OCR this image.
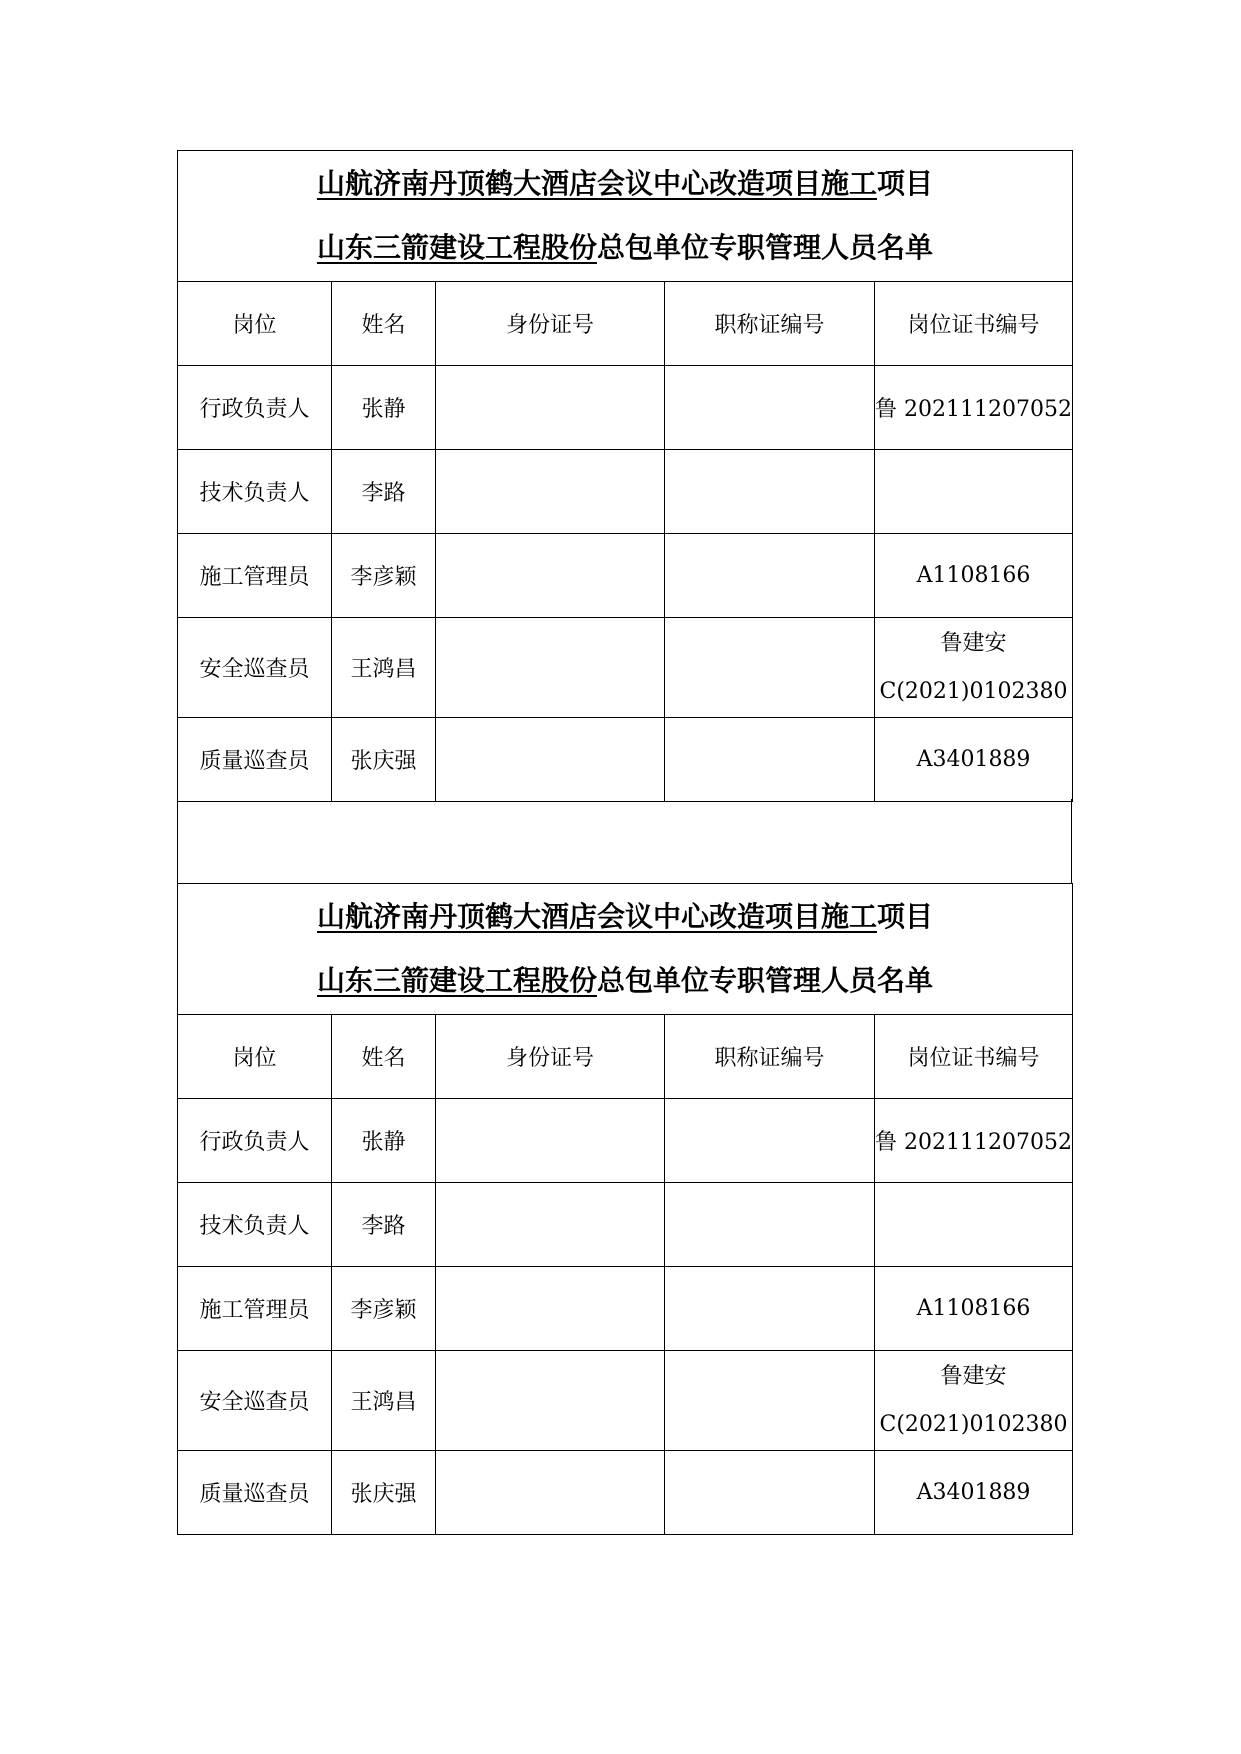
山航济南丹顶鹤大酒店会议中心改造项目施工项目
山东三箭建设工程股份总包单位专职管理人员名单				

岗位	姓名	身份证号	职称证编号	岗位证书编号
行政负责人	张静			鲁 202111207052
技术负责人	李路			
施工管理员	李彦颖			A1108166
安全巡查员	王鸿昌			鲁建安
C(2021)0102380

质量巡查员	张庆强			A3401889
山航济南丹顶鹤大酒店会议中心改造项目施工项目
山东三箭建设工程股份总包单位专职管理人员名单				

岗位	姓名	身份证号	职称证编号	岗位证书编号
行政负责人	张静			鲁 202111207052
技术负责人	李路			
施工管理员	李彦颖			A1108166
安全巡查员	王鸿昌			鲁建安
C(2021)0102380

质量巡查员	张庆强			A3401889
